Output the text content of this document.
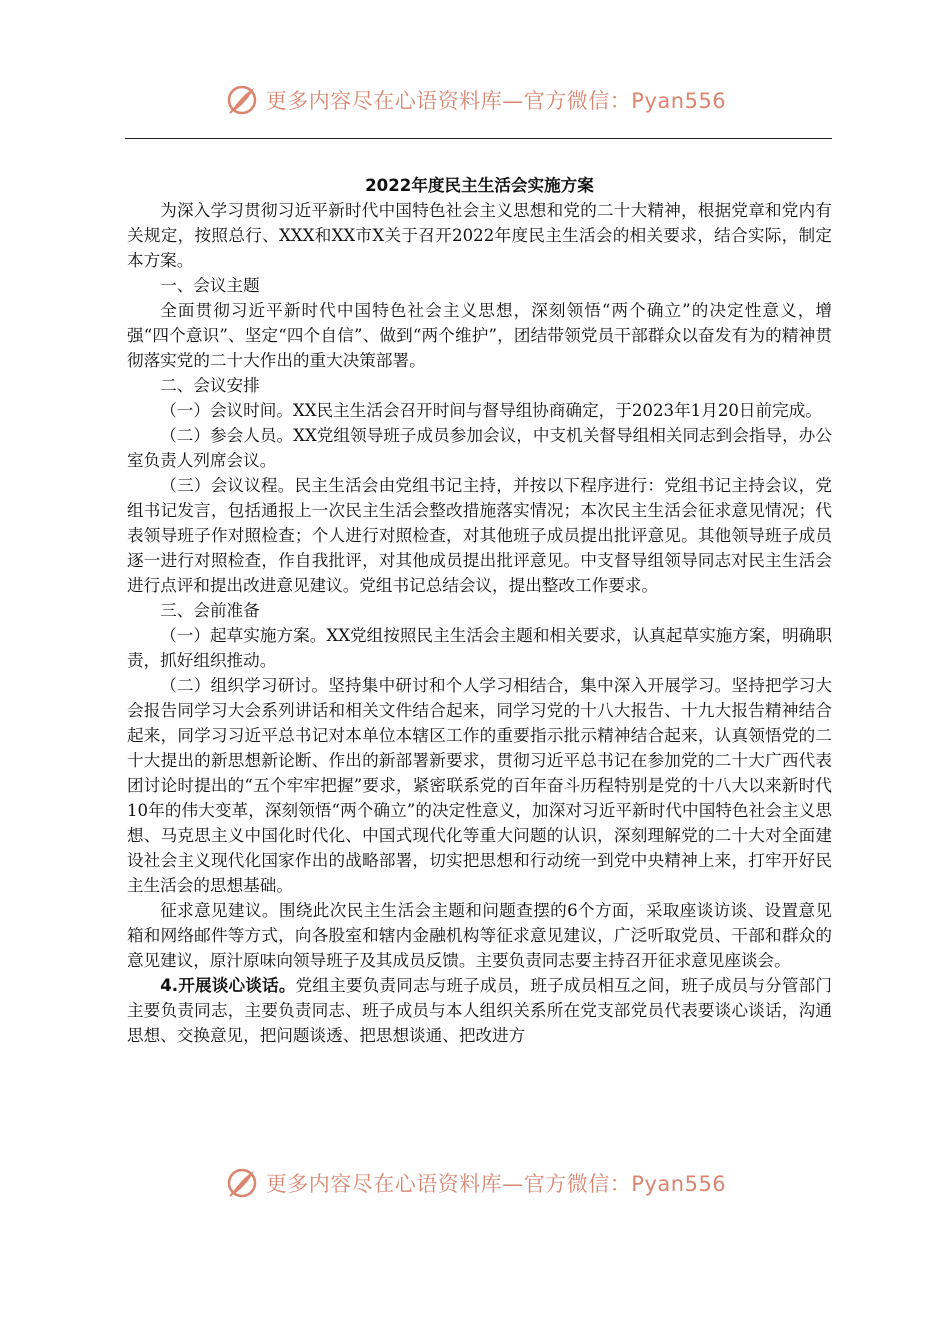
更多内容尽在心语资料库—官方微信：Pyan556

2022年度民主生活会实施方案

为深入学习贯彻习近平新时代中国特色社会主义思想和党的二十大精神，根据党章和党内有关规定，按照总行、XXX和XX市X关于召开2022年度民主生活会的相关要求，结合实际，制定本方案。

一、会议主题

全面贯彻习近平新时代中国特色社会主义思想，深刻领悟“两个确立”的决定性意义，增强“四个意识”、坚定“四个自信”、做到“两个维护”，团结带领党员干部群众以奋发有为的精神贯彻落实党的二十大作出的重大决策部署。

二、会议安排

（一）会议时间。XX民主生活会召开时间与督导组协商确定，于2023年1月20日前完成。

（二）参会人员。XX党组领导班子成员参加会议，中支机关督导组相关同志到会指导，办公室负责人列席会议。

（三）会议议程。民主生活会由党组书记主持，并按以下程序进行：党组书记主持会议，党组书记发言，包括通报上一次民主生活会整改措施落实情况；本次民主生活会征求意见情况；代表领导班子作对照检查；个人进行对照检查，对其他班子成员提出批评意见。其他领导班子成员逐一进行对照检查，作自我批评，对其他成员提出批评意见。中支督导组领导同志对民主生活会进行点评和提出改进意见建议。党组书记总结会议，提出整改工作要求。

三、会前准备

（一）起草实施方案。XX党组按照民主生活会主题和相关要求，认真起草实施方案，明确职责，抓好组织推动。

（二）组织学习研讨。坚持集中研讨和个人学习相结合，集中深入开展学习。坚持把学习大会报告同学习大会系列讲话和相关文件结合起来，同学习党的十八大报告、十九大报告精神结合起来，同学习习近平总书记对本单位本辖区工作的重要指示批示精神结合起来，认真领悟党的二十大提出的新思想新论断、作出的新部署新要求，贯彻习近平总书记在参加党的二十大广西代表团讨论时提出的“五个牢牢把握”要求，紧密联系党的百年奋斗历程特别是党的十八大以来新时代10年的伟大变革，深刻领悟“两个确立”的决定性意义，加深对习近平新时代中国特色社会主义思想、马克思主义中国化时代化、中国式现代化等重大问题的认识，深刻理解党的二十大对全面建设社会主义现代化国家作出的战略部署，切实把思想和行动统一到党中央精神上来，打牢开好民主生活会的思想基础。

征求意见建议。围绕此次民主生活会主题和问题查摆的6个方面，采取座谈访谈、设置意见箱和网络邮件等方式，向各股室和辖内金融机构等征求意见建议，广泛听取党员、干部和群众的意见建议，原汁原味向领导班子及其成员反馈。主要负责同志要主持召开征求意见座谈会。

4.开展谈心谈话。党组主要负责同志与班子成员，班子成员相互之间，班子成员与分管部门主要负责同志，主要负责同志、班子成员与本人组织关系所在党支部党员代表要谈心谈话，沟通思想、交换意见，把问题谈透、把思想谈通、把改进方

更多内容尽在心语资料库—官方微信：Pyan556
